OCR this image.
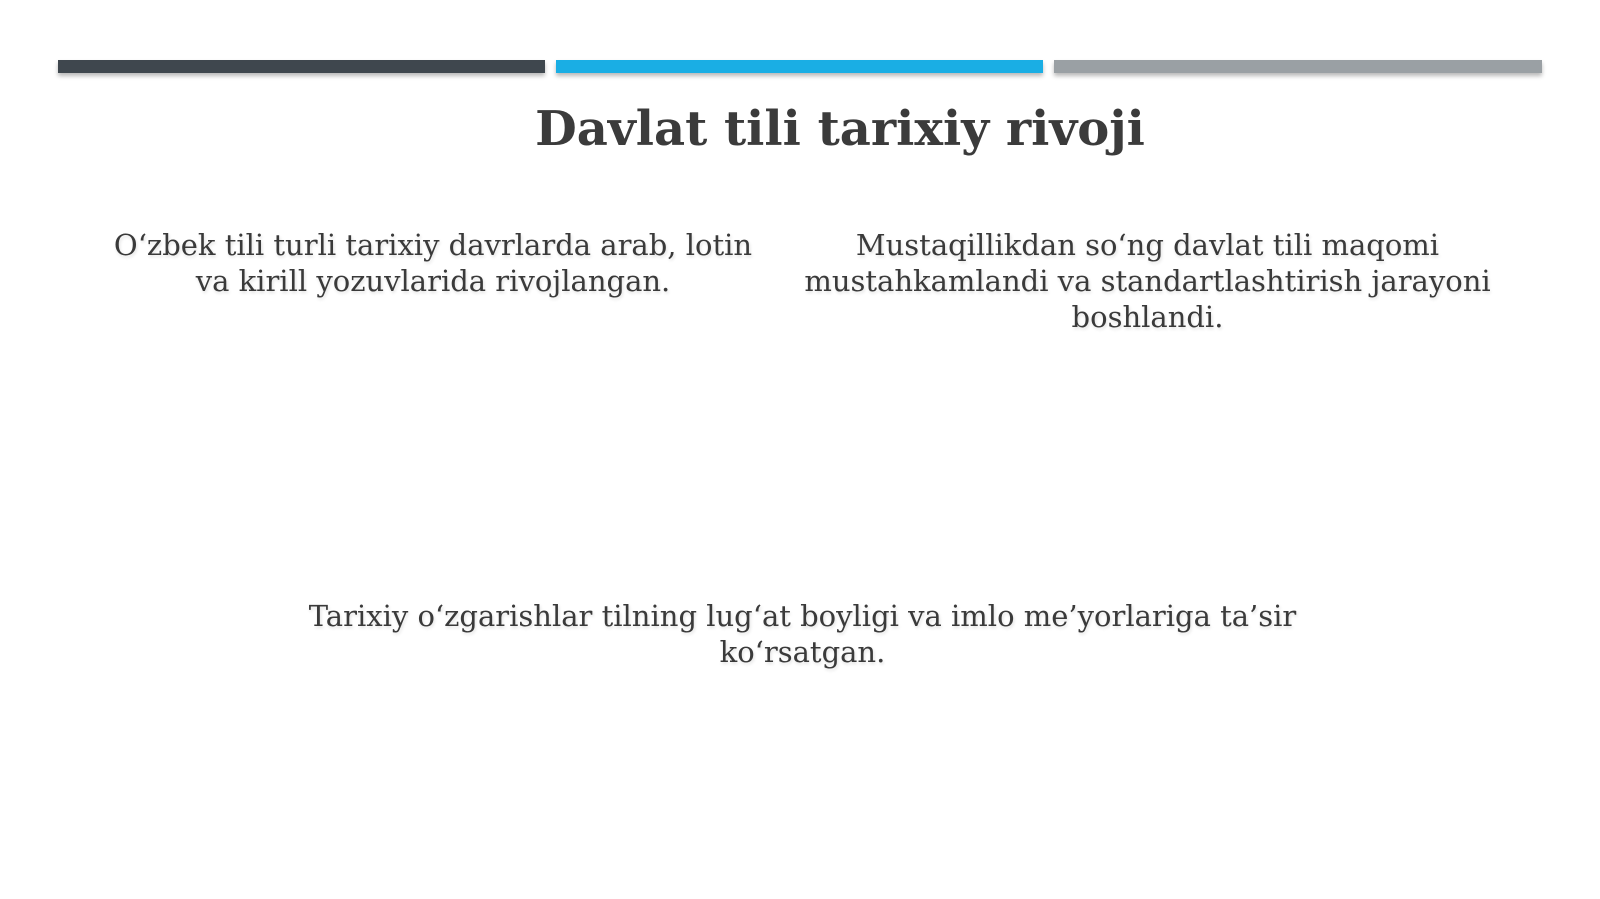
Davlat tili tarixiy rivoji
O‘zbek tili turli tarixiy davrlarda arab, lotin va kirill yozuvlarida rivojlangan.
Mustaqillikdan so‘ng davlat tili maqomi mustahkamlandi va standartlashtirish jarayoni boshlandi.
Tarixiy o‘zgarishlar tilning lug‘at boyligi va imlo me’yorlariga ta’sir ko‘rsatgan.
